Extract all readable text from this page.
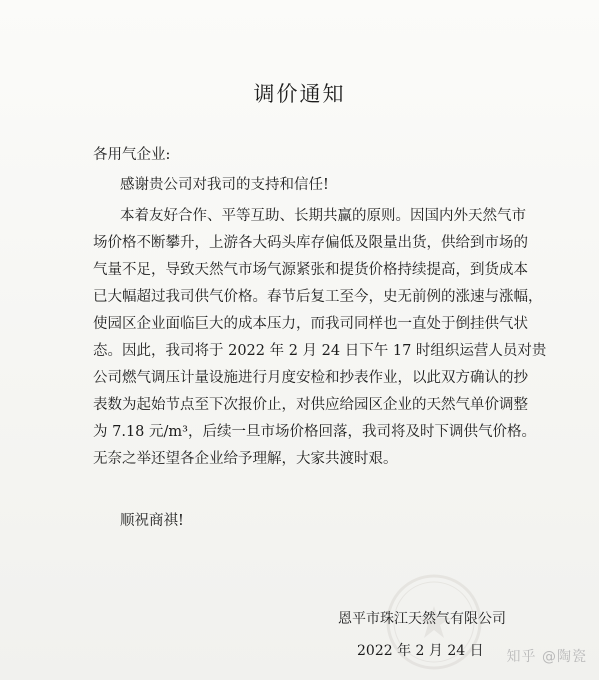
调价通知
各用气企业:
感谢贵公司对我司的支持和信任!
本着友好合作、平等互助、长期共赢的原则。因国内外天然气市
场价格不断攀升，上游各大码头库存偏低及限量出货，供给到市场的
气量不足，导致天然气市场气源紧张和提货价格持续提高，到货成本
已大幅超过我司供气价格。春节后复工至今，史无前例的涨速与涨幅，
使园区企业面临巨大的成本压力，而我司同样也一直处于倒挂供气状
态。因此，我司将于 2022 年 2 月 24 日下午 17 时组织运营人员对贵
公司燃气调压计量设施进行月度安检和抄表作业，以此双方确认的抄
表数为起始节点至下次报价止，对供应给园区企业的天然气单价调整
为 7.18 元/m³，后续一旦市场价格回落，我司将及时下调供气价格。
无奈之举还望各企业给予理解，大家共渡时艰。
顺祝商祺!
恩平市珠江天然气有限公司
2022 年 2 月 24 日 知乎 @陶瓷
